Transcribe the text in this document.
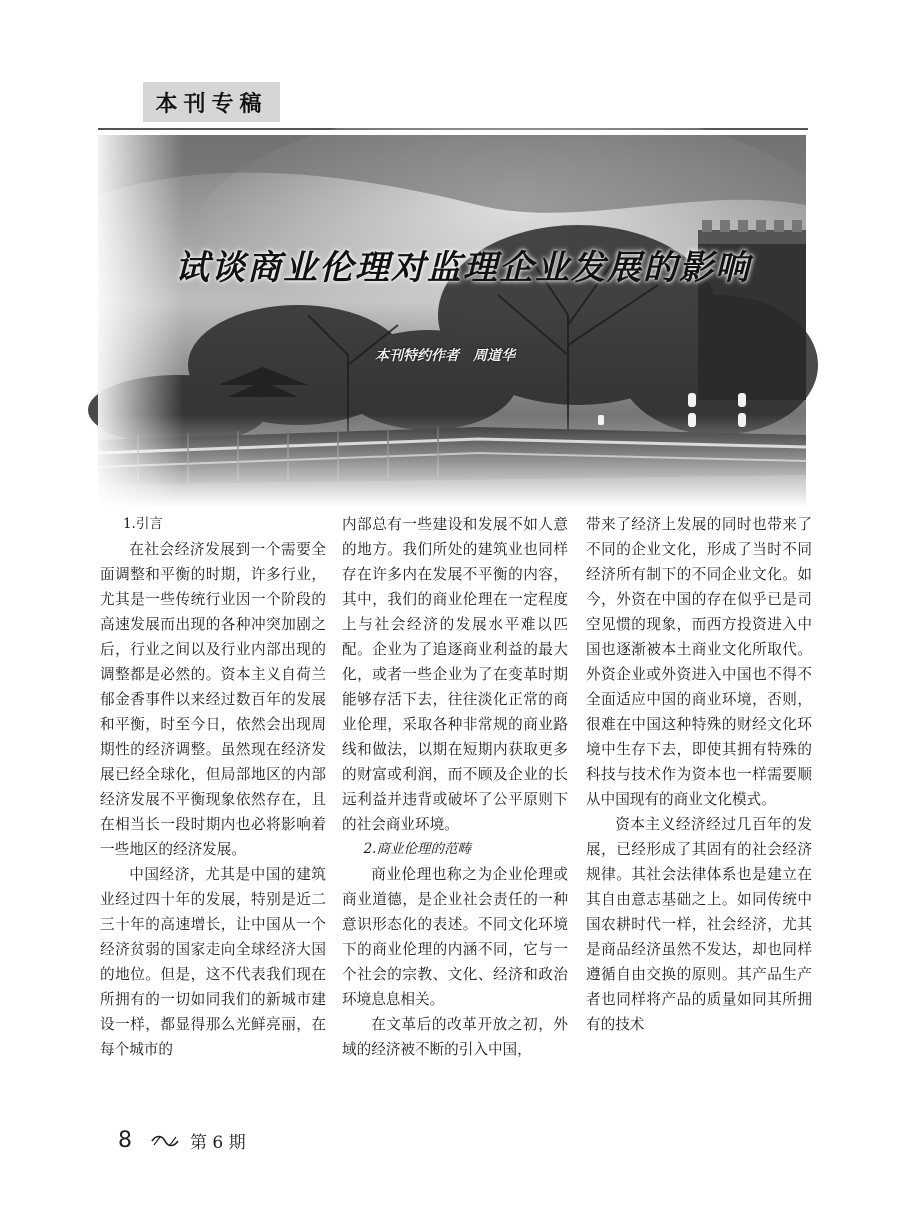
本刊专稿
试谈商业伦理对监理企业发展的影响
本刊特约作者 周道华
1.引言

在社会经济发展到一个需要全面调整和平衡的时期，许多行业，尤其是一些传统行业因一个阶段的高速发展而出现的各种冲突加剧之后，行业之间以及行业内部出现的调整都是必然的。资本主义自荷兰郁金香事件以来经过数百年的发展和平衡，时至今日，依然会出现周期性的经济调整。虽然现在经济发展已经全球化，但局部地区的内部经济发展不平衡现象依然存在，且在相当长一段时期内也必将影响着一些地区的经济发展。

中国经济，尤其是中国的建筑业经过四十年的发展，特别是近二三十年的高速增长，让中国从一个经济贫弱的国家走向全球经济大国的地位。但是，这不代表我们现在所拥有的一切如同我们的新城市建设一样，都显得那么光鲜亮丽，在每个城市的

内部总有一些建设和发展不如人意的地方。我们所处的建筑业也同样存在许多内在发展不平衡的内容，其中，我们的商业伦理在一定程度上与社会经济的发展水平难以匹配。企业为了追逐商业利益的最大化，或者一些企业为了在变革时期能够存活下去，往往淡化正常的商业伦理，采取各种非常规的商业路线和做法，以期在短期内获取更多的财富或利润，而不顾及企业的长远利益并违背或破坏了公平原则下的社会商业环境。

2.商业伦理的范畴

商业伦理也称之为企业伦理或商业道德，是企业社会责任的一种意识形态化的表述。不同文化环境下的商业伦理的内涵不同，它与一个社会的宗教、文化、经济和政治环境息息相关。

在文革后的改革开放之初，外域的经济被不断的引入中国，

带来了经济上发展的同时也带来了不同的企业文化，形成了当时不同经济所有制下的不同企业文化。如今，外资在中国的存在似乎已是司空见惯的现象，而西方投资进入中国也逐渐被本土商业文化所取代。外资企业或外资进入中国也不得不全面适应中国的商业环境，否则，很难在中国这种特殊的财经文化环境中生存下去，即使其拥有特殊的科技与技术作为资本也一样需要顺从中国现有的商业文化模式。

资本主义经济经过几百年的发展，已经形成了其固有的社会经济规律。其社会法律体系也是建立在其自由意志基础之上。如同传统中国农耕时代一样，社会经济，尤其是商品经济虽然不发达，却也同样遵循自由交换的原则。其产品生产者也同样将产品的质量如同其所拥有的技术

8	第 6 期
